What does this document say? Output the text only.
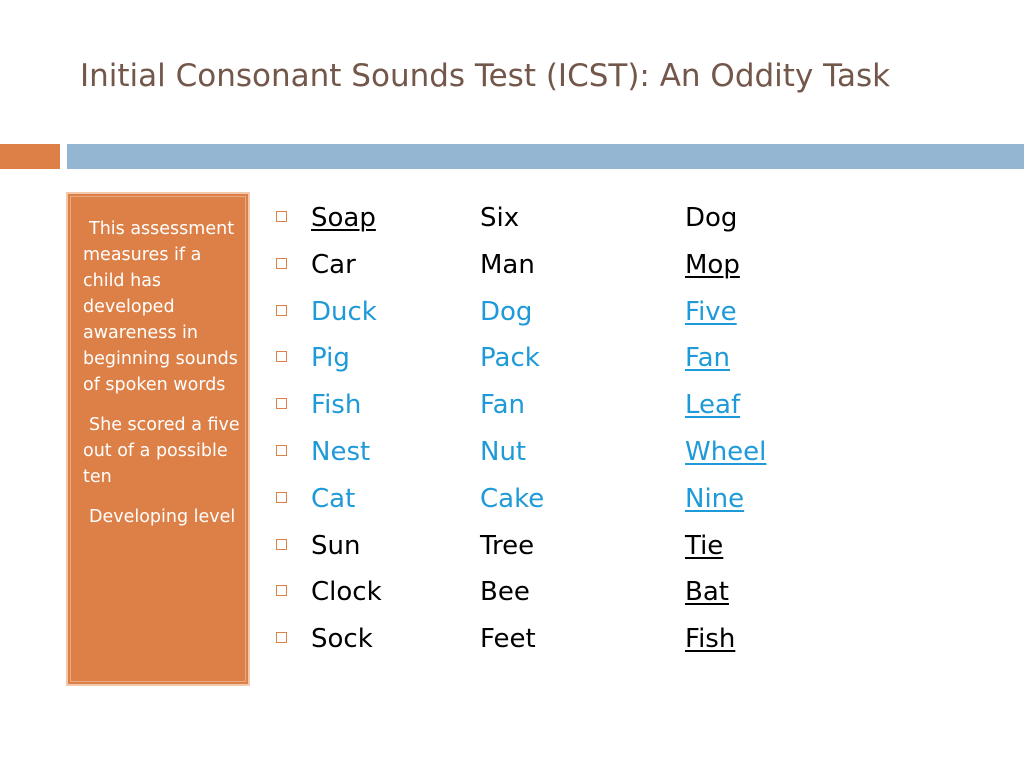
Initial Consonant Sounds Test (ICST): An Oddity Task

This assessment measures if a child has developed awareness in beginning sounds of spoken words

She scored a five out of a possible ten

Developing level

Soap	Six	Dog
Car	Man	Mop
Duck	Dog	Five
Pig	Pack	Fan
Fish	Fan	Leaf
Nest	Nut	Wheel
Cat	Cake	Nine
Sun	Tree	Tie
Clock	Bee	Bat
Sock	Feet	Fish
